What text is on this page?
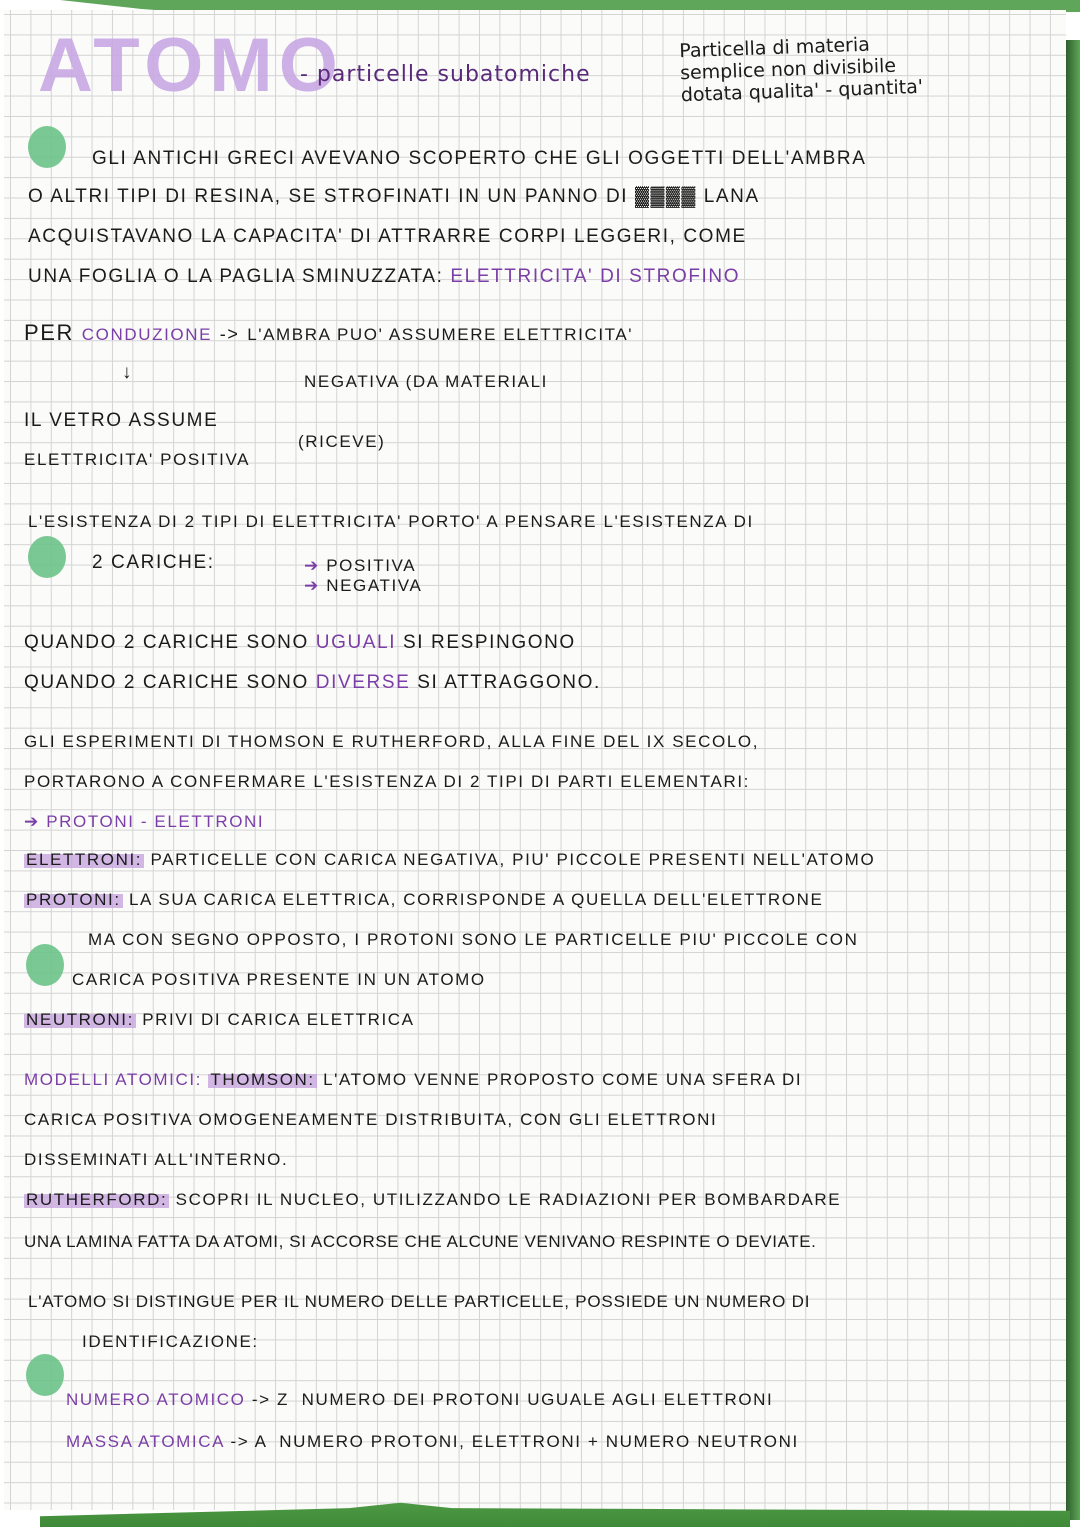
ATOMO
- particelle subatomiche
Particella di materia
semplice non divisibile
dotata qualita' - quantita'
GLI ANTICHI GRECI AVEVANO SCOPERTO CHE GLI OGGETTI DELL'AMBRA
O ALTRI TIPI DI RESINA, SE STROFINATI IN UN PANNO DI ▓▓▓▓ LANA
ACQUISTAVANO LA CAPACITA' DI ATTRARRE CORPI LEGGERI, COME
UNA FOGLIA O LA PAGLIA SMINUZZATA: ELETTRICITA' DI STROFINO
PER CONDUZIONE -> L'AMBRA PUO' ASSUMERE ELETTRICITA'
↓	NEGATIVA (DA MATERIALI
IL VETRO ASSUME
ELETTRICITA' POSITIVA
(RICEVE)
L'ESISTENZA DI 2 TIPI DI ELETTRICITA' PORTO' A PENSARE L'ESISTENZA DI
2 CARICHE:	➔ POSITIVA
➔ NEGATIVA
QUANDO 2 CARICHE SONO UGUALI SI RESPINGONO
QUANDO 2 CARICHE SONO DIVERSE SI ATTRAGGONO.
GLI ESPERIMENTI DI THOMSON E RUTHERFORD, ALLA FINE DEL IX SECOLO,
PORTARONO A CONFERMARE L'ESISTENZA DI 2 TIPI DI PARTI ELEMENTARI:
➔ PROTONI - ELETTRONI
ELETTRONI: PARTICELLE CON CARICA NEGATIVA, PIU' PICCOLE PRESENTI NELL'ATOMO
PROTONI: LA SUA CARICA ELETTRICA, CORRISPONDE A QUELLA DELL'ELETTRONE
MA CON SEGNO OPPOSTO, I PROTONI SONO LE PARTICELLE PIU' PICCOLE CON
CARICA POSITIVA PRESENTE IN UN ATOMO
NEUTRONI: PRIVI DI CARICA ELETTRICA
MODELLI ATOMICI: THOMSON: L'ATOMO VENNE PROPOSTO COME UNA SFERA DI
CARICA POSITIVA OMOGENEAMENTE DISTRIBUITA, CON GLI ELETTRONI
DISSEMINATI ALL'INTERNO.
RUTHERFORD: SCOPRI IL NUCLEO, UTILIZZANDO LE RADIAZIONI PER BOMBARDARE
UNA LAMINA FATTA DA ATOMI, SI ACCORSE CHE ALCUNE VENIVANO RESPINTE O DEVIATE.
L'ATOMO SI DISTINGUE PER IL NUMERO DELLE PARTICELLE, POSSIEDE UN NUMERO DI
IDENTIFICAZIONE:
NUMERO ATOMICO -> Z NUMERO DEI PROTONI UGUALE AGLI ELETTRONI
MASSA ATOMICA -> A NUMERO PROTONI, ELETTRONI + NUMERO NEUTRONI
